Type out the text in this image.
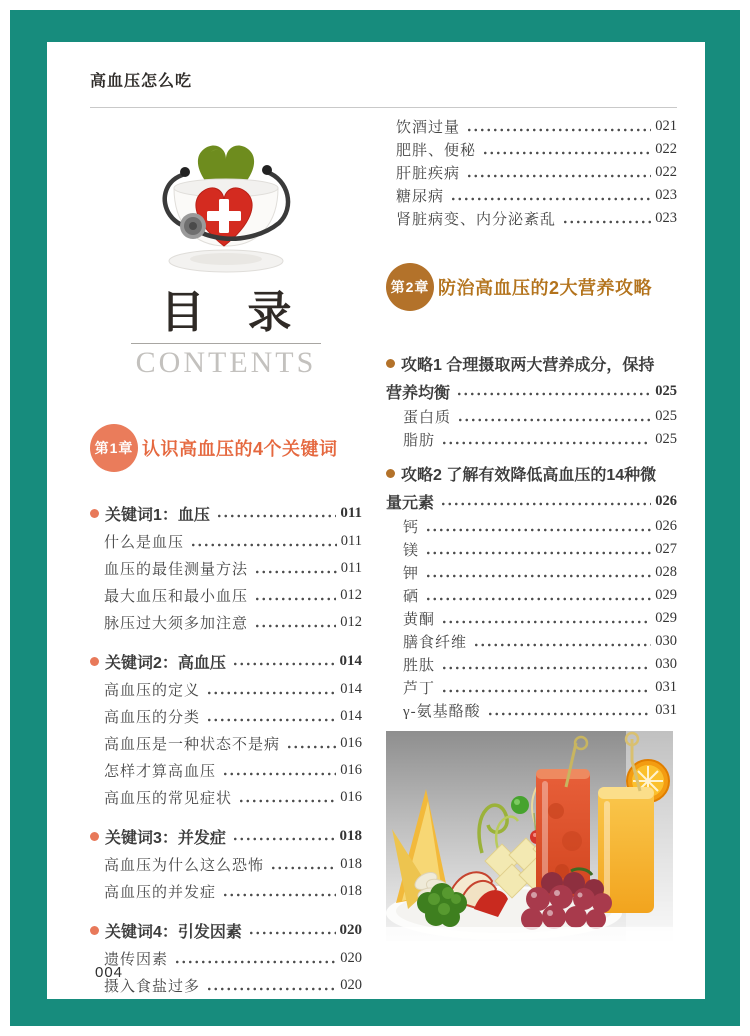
高血压怎么吃
目 录
CONTENTS
第1章 认识高血压的4个关键词
关键词1：血压	011
什么是血压	011
血压的最佳测量方法	011
最大血压和最小血压	012
脉压过大须多加注意	012
关键词2：高血压	014
高血压的定义	014
高血压的分类	014
高血压是一种状态不是病	016
怎样才算高血压	016
高血压的常见症状	016
关键词3：并发症	018
高血压为什么这么恐怖	018
高血压的并发症	018
关键词4：引发因素	020
遗传因素	020
摄入食盐过多	020
饮酒过量	021
肥胖、便秘	022
肝脏疾病	022
糖尿病	023
肾脏病变、内分泌紊乱	023
第2章 防治高血压的2大营养攻略
攻略1 合理摄取两大营养成分，保持
营养均衡	025
蛋白质	025
脂肪	025
攻略2 了解有效降低高血压的14种微
量元素	026
钙	026
镁	027
钾	028
硒	029
黄酮	029
膳食纤维	030
胜肽	030
芦丁	031
γ-氨基酪酸	031
004
